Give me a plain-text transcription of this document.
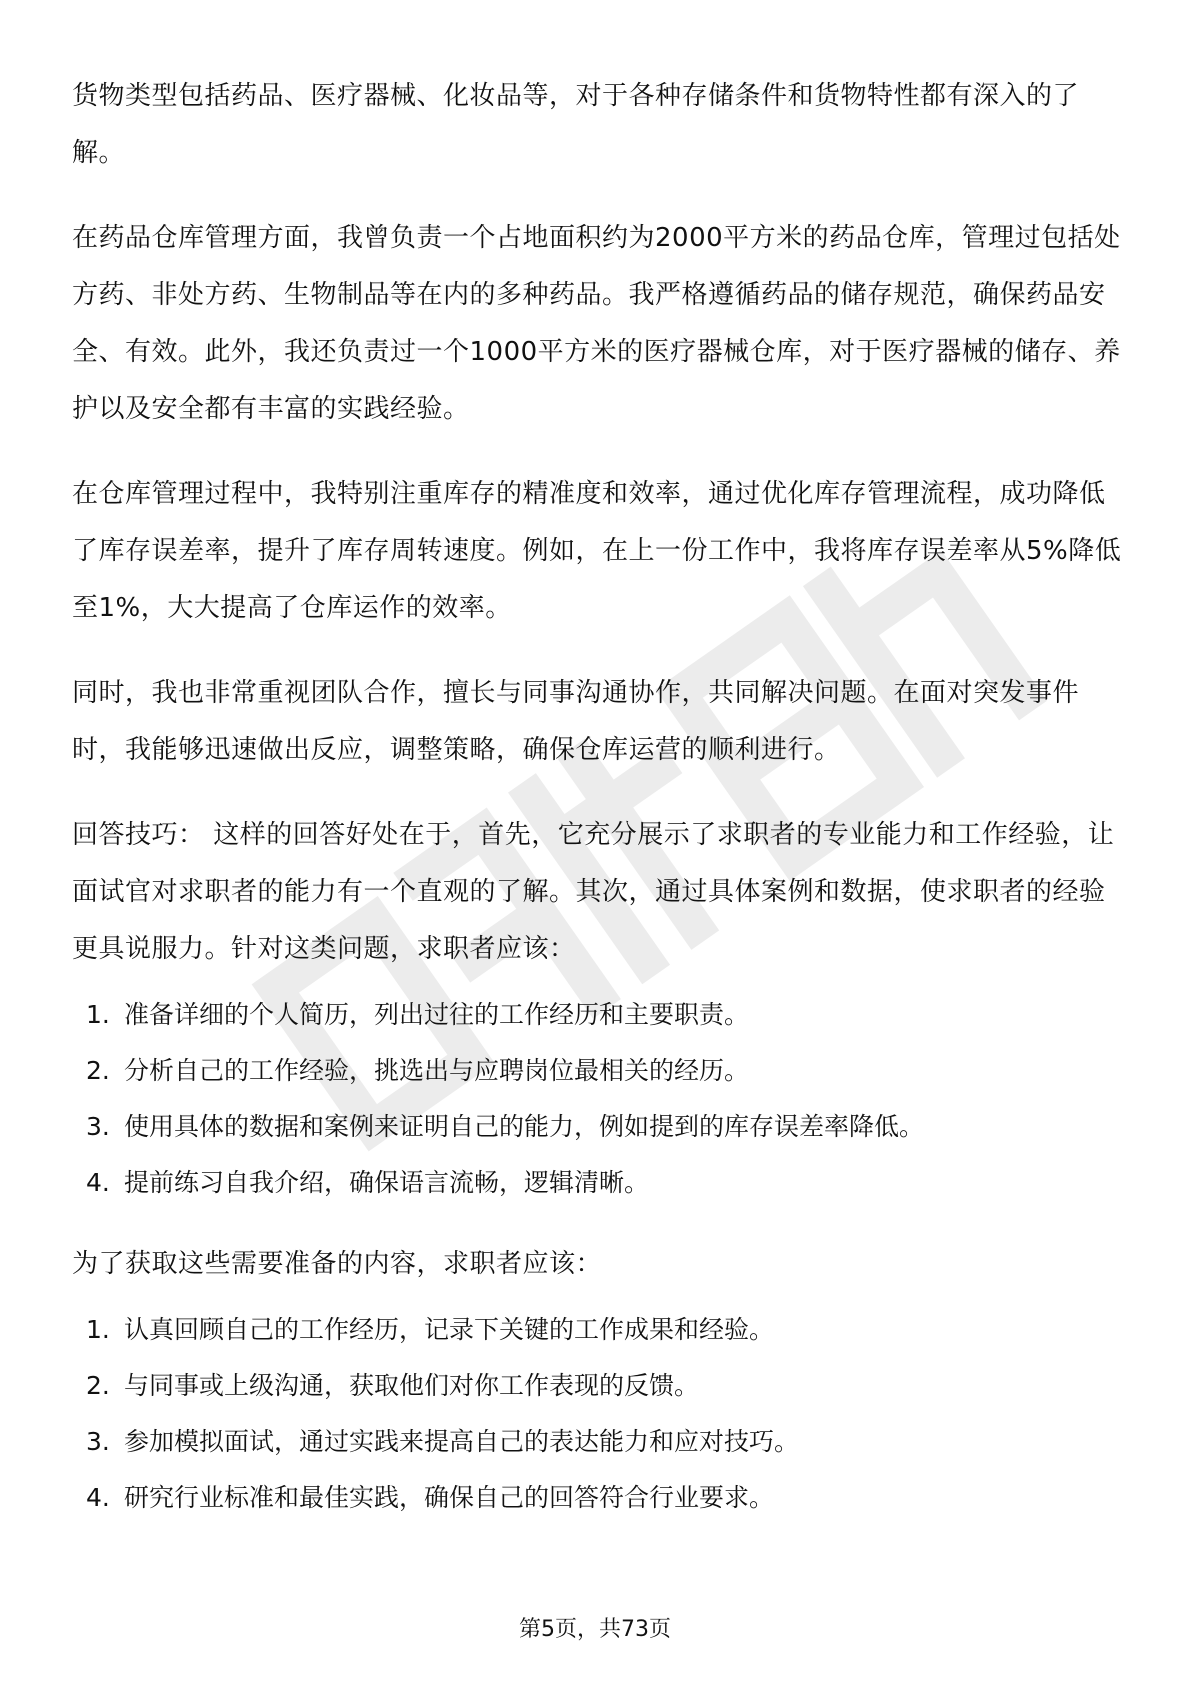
货物类型包括药品、医疗器械、化妆品等，对于各种存储条件和货物特性都有深入的了解。

在药品仓库管理方面，我曾负责一个占地面积约为2000平方米的药品仓库，管理过包括处方药、非处方药、生物制品等在内的多种药品。我严格遵循药品的储存规范，确保药品安全、有效。此外，我还负责过一个1000平方米的医疗器械仓库，对于医疗器械的储存、养护以及安全都有丰富的实践经验。

在仓库管理过程中，我特别注重库存的精准度和效率，通过优化库存管理流程，成功降低了库存误差率，提升了库存周转速度。例如，在上一份工作中，我将库存误差率从5%降低至1%，大大提高了仓库运作的效率。

同时，我也非常重视团队合作，擅长与同事沟通协作，共同解决问题。在面对突发事件时，我能够迅速做出反应，调整策略，确保仓库运营的顺利进行。

回答技巧： 这样的回答好处在于，首先，它充分展示了求职者的专业能力和工作经验，让面试官对求职者的能力有一个直观的了解。其次，通过具体案例和数据，使求职者的经验更具说服力。针对这类问题，求职者应该：

1. 准备详细的个人简历，列出过往的工作经历和主要职责。
2. 分析自己的工作经验，挑选出与应聘岗位最相关的经历。
3. 使用具体的数据和案例来证明自己的能力，例如提到的库存误差率降低。
4. 提前练习自我介绍，确保语言流畅，逻辑清晰。

为了获取这些需要准备的内容，求职者应该：

1. 认真回顾自己的工作经历，记录下关键的工作成果和经验。
2. 与同事或上级沟通，获取他们对你工作表现的反馈。
3. 参加模拟面试，通过实践来提高自己的表达能力和应对技巧。
4. 研究行业标准和最佳实践，确保自己的回答符合行业要求。
第5页，共73页
